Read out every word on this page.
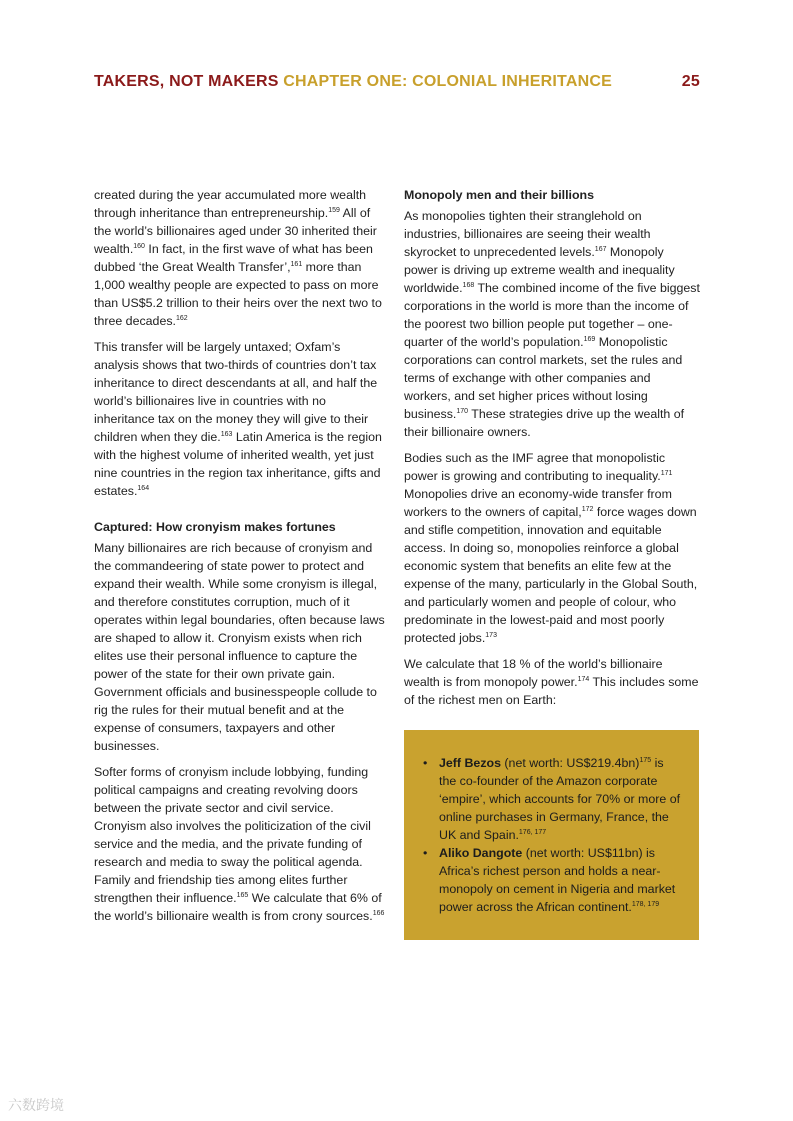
TAKERS, NOT MAKERS CHAPTER ONE: COLONIAL INHERITANCE	25

created during the year accumulated more wealth through inheritance than entrepreneurship.$^{159}$ All of the world’s billionaires aged under 30 inherited their wealth.$^{160}$ In fact, in the first wave of what has been dubbed ‘the Great Wealth Transfer’,$^{161}$ more than 1,000 wealthy people are expected to pass on more than US$5.2 trillion to their heirs over the next two to three decades.$^{162}$

This transfer will be largely untaxed; Oxfam’s analysis shows that two-thirds of countries don’t tax inheritance to direct descendants at all, and half the world’s billionaires live in countries with no inheritance tax on the money they will give to their children when they die.$^{163}$ Latin America is the region with the highest volume of inherited wealth, yet just nine countries in the region tax inheritance, gifts and estates.$^{164}$

Captured: How cronyism makes fortunes

Many billionaires are rich because of cronyism and the commandeering of state power to protect and expand their wealth. While some cronyism is illegal, and therefore constitutes corruption, much of it operates within legal boundaries, often because laws are shaped to allow it. Cronyism exists when rich elites use their personal influence to capture the power of the state for their own private gain. Government officials and businesspeople collude to rig the rules for their mutual benefit and at the expense of consumers, taxpayers and other businesses.

Softer forms of cronyism include lobbying, funding political campaigns and creating revolving doors between the private sector and civil service. Cronyism also involves the politicization of the civil service and the media, and the private funding of research and media to sway the political agenda. Family and friendship ties among elites further strengthen their influence.$^{165}$ We calculate that 6% of the world’s billionaire wealth is from crony sources.$^{166}$

Monopoly men and their billions

As monopolies tighten their stranglehold on industries, billionaires are seeing their wealth skyrocket to unprecedented levels.$^{167}$ Monopoly power is driving up extreme wealth and inequality worldwide.$^{168}$ The combined income of the five biggest corporations in the world is more than the income of the poorest two billion people put together – one-quarter of the world’s population.$^{169}$ Monopolistic corporations can control markets, set the rules and terms of exchange with other companies and workers, and set higher prices without losing business.$^{170}$ These strategies drive up the wealth of their billionaire owners.

Bodies such as the IMF agree that monopolistic power is growing and contributing to inequality.$^{171}$ Monopolies drive an economy-wide transfer from workers to the owners of capital,$^{172}$ force wages down and stifle competition, innovation and equitable access. In doing so, monopolies reinforce a global economic system that benefits an elite few at the expense of the many, particularly in the Global South, and particularly women and people of colour, who predominate in the lowest-paid and most poorly protected jobs.$^{173}$

We calculate that 18 % of the world’s billionaire wealth is from monopoly power.$^{174}$ This includes some of the richest men on Earth:

• Jeff Bezos (net worth: US$219.4bn)$^{175}$ is the co-founder of the Amazon corporate ‘empire’, which accounts for 70% or more of online purchases in Germany, France, the UK and Spain.$^{176, 177}$
• Aliko Dangote (net worth: US$11bn) is Africa’s richest person and holds a near-monopoly on cement in Nigeria and market power across the African continent.$^{178, 179}$
六数跨境
